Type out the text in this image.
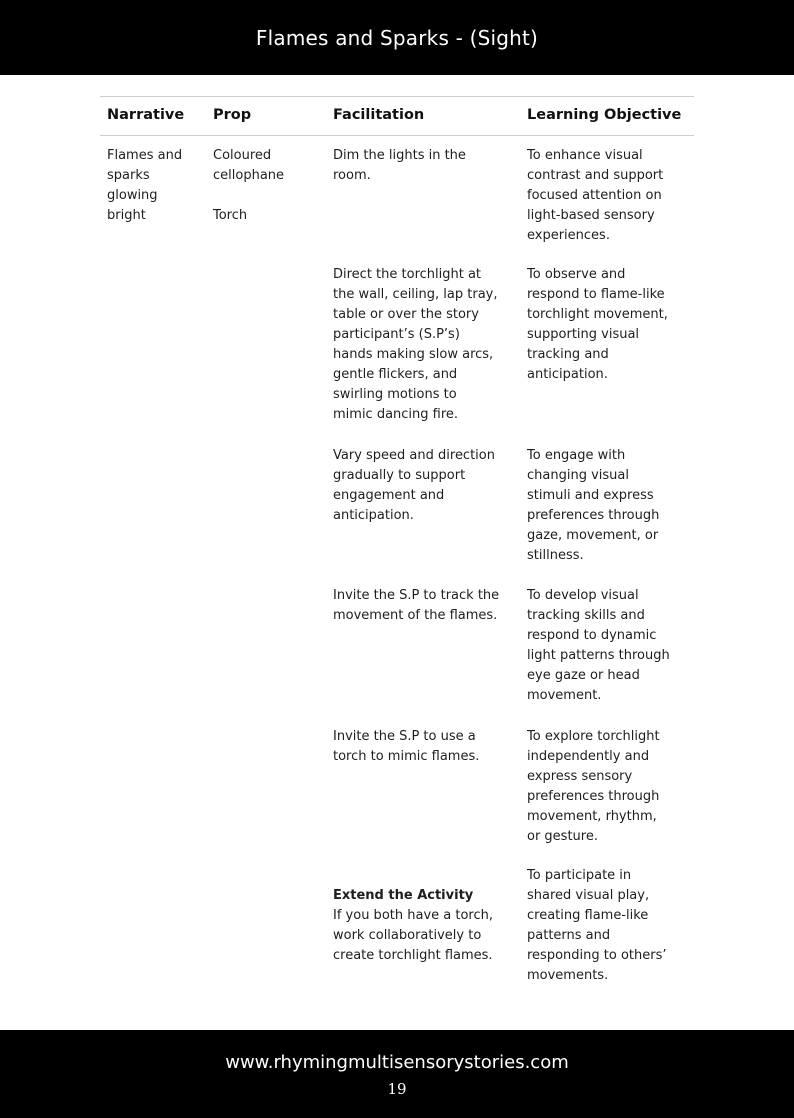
Flames and Sparks - (Sight)
Narrative Prop	Facilitation	Learning Objective
Flames and
sparks
glowing
bright
Coloured
cellophane
Torch
Dim the lights in the
room.
To enhance visual
contrast and support
focused attention on
light-based sensory
experiences.
Direct the torchlight at
the wall, ceiling, lap tray,
table or over the story
participant’s (S.P’s)
hands making slow arcs,
gentle flickers, and
swirling motions to
mimic dancing fire.
To observe and
respond to flame-like
torchlight movement,
supporting visual
tracking and
anticipation.
Vary speed and direction
gradually to support
engagement and
anticipation.
To engage with
changing visual
stimuli and express
preferences through
gaze, movement, or
stillness.
Invite the S.P to track the
movement of the flames.
To develop visual
tracking skills and
respond to dynamic
light patterns through
eye gaze or head
movement.
Invite the S.P to use a
torch to mimic flames.
To explore torchlight
independently and
express sensory
preferences through
movement, rhythm,
or gesture.

Extend the Activity
If you both have a torch,
work collaboratively to
create torchlight flames.

To participate in
shared visual play,
creating flame-like
patterns and
responding to others’
movements.
www.rhymingmultisensorystories.com
19
